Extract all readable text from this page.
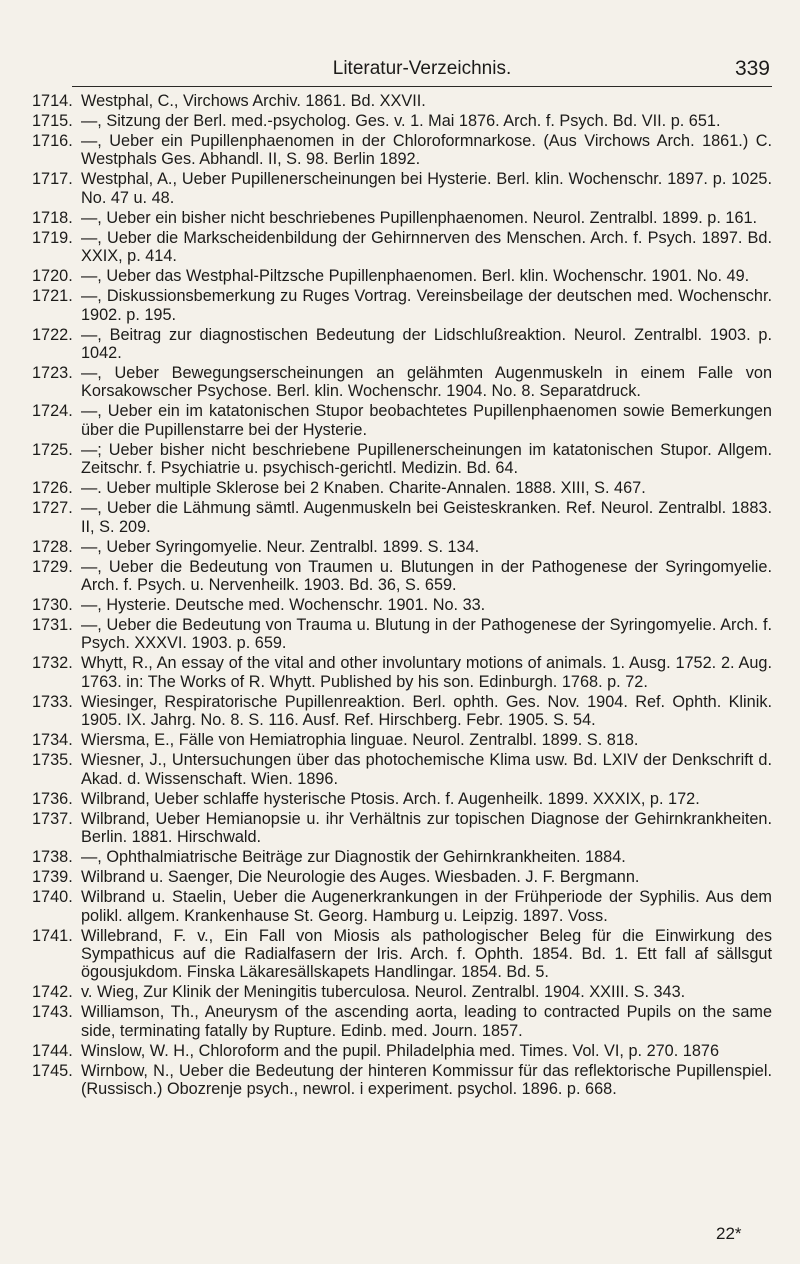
Literatur-Verzeichnis.	339
1714. Westphal, C., Virchows Archiv. 1861. Bd. XXVII.
1715. —, Sitzung der Berl. med.-psycholog. Ges. v. 1. Mai 1876. Arch. f. Psych. Bd. VII. p. 651.
1716. —, Ueber ein Pupillenphaenomen in der Chloroformnarkose. (Aus Virchows Arch. 1861.) C. Westphals Ges. Abhandl. II, S. 98. Berlin 1892.
1717. Westphal, A., Ueber Pupillenerscheinungen bei Hysterie. Berl. klin. Wochenschr. 1897. p. 1025. No. 47 u. 48.
1718. —, Ueber ein bisher nicht beschriebenes Pupillenphaenomen. Neurol. Zentralbl. 1899. p. 161.
1719. —, Ueber die Markscheidenbildung der Gehirnnerven des Menschen. Arch. f. Psych. 1897. Bd. XXIX, p. 414.
1720. —, Ueber das Westphal-Piltzsche Pupillenphaenomen. Berl. klin. Wochenschr. 1901. No. 49.
1721. —, Diskussionsbemerkung zu Ruges Vortrag. Vereinsbeilage der deutschen med. Wochenschr. 1902. p. 195.
1722. —, Beitrag zur diagnostischen Bedeutung der Lidschlußreaktion. Neurol. Zentralbl. 1903. p. 1042.
1723. —, Ueber Bewegungserscheinungen an gelähmten Augenmuskeln in einem Falle von Korsakowscher Psychose. Berl. klin. Wochenschr. 1904. No. 8. Separatdruck.
1724. —, Ueber ein im katatonischen Stupor beobachtetes Pupillenphaenomen sowie Bemerkungen über die Pupillenstarre bei der Hysterie.
1725. —; Ueber bisher nicht beschriebene Pupillenerscheinungen im katatonischen Stupor. Allgem. Zeitschr. f. Psychiatrie u. psychisch-gerichtl. Medizin. Bd. 64.
1726. —. Ueber multiple Sklerose bei 2 Knaben. Charite-Annalen. 1888. XIII, S. 467.
1727. —, Ueber die Lähmung sämtl. Augenmuskeln bei Geisteskranken. Ref. Neurol. Zentralbl. 1883. II, S. 209.
1728. —, Ueber Syringomyelie. Neur. Zentralbl. 1899. S. 134.
1729. —, Ueber die Bedeutung von Traumen u. Blutungen in der Pathogenese der Syringomyelie. Arch. f. Psych. u. Nervenheilk. 1903. Bd. 36, S. 659.
1730. —, Hysterie. Deutsche med. Wochenschr. 1901. No. 33.
1731. —, Ueber die Bedeutung von Trauma u. Blutung in der Pathogenese der Syringomyelie. Arch. f. Psych. XXXVI. 1903. p. 659.
1732. Whytt, R., An essay of the vital and other involuntary motions of animals. 1. Ausg. 1752. 2. Aug. 1763. in: The Works of R. Whytt. Published by his son. Edinburgh. 1768. p. 72.
1733. Wiesinger, Respiratorische Pupillenreaktion. Berl. ophth. Ges. Nov. 1904. Ref. Ophth. Klinik. 1905. IX. Jahrg. No. 8. S. 116. Ausf. Ref. Hirschberg. Febr. 1905. S. 54.
1734. Wiersma, E., Fälle von Hemiatrophia linguae. Neurol. Zentralbl. 1899. S. 818.
1735. Wiesner, J., Untersuchungen über das photochemische Klima usw. Bd. LXIV der Denkschrift d. Akad. d. Wissenschaft. Wien. 1896.
1736. Wilbrand, Ueber schlaffe hysterische Ptosis. Arch. f. Augenheilk. 1899. XXXIX, p. 172.
1737. Wilbrand, Ueber Hemianopsie u. ihr Verhältnis zur topischen Diagnose der Gehirnkrankheiten. Berlin. 1881. Hirschwald.
1738. —, Ophthalmiatrische Beiträge zur Diagnostik der Gehirnkrankheiten. 1884.
1739. Wilbrand u. Saenger, Die Neurologie des Auges. Wiesbaden. J. F. Bergmann.
1740. Wilbrand u. Staelin, Ueber die Augenerkrankungen in der Frühperiode der Syphilis. Aus dem polikl. allgem. Krankenhause St. Georg. Hamburg u. Leipzig. 1897. Voss.
1741. Willebrand, F. v., Ein Fall von Miosis als pathologischer Beleg für die Einwirkung des Sympathicus auf die Radialfasern der Iris. Arch. f. Ophth. 1854. Bd. 1. Ett fall af sällsgut ögousjukdom. Finska Läkaresällskapets Handlingar. 1854. Bd. 5.
1742. v. Wieg, Zur Klinik der Meningitis tuberculosa. Neurol. Zentralbl. 1904. XXIII. S. 343.
1743. Williamson, Th., Aneurysm of the ascending aorta, leading to contracted Pupils on the same side, terminating fatally by Rupture. Edinb. med. Journ. 1857.
1744. Winslow, W. H., Chloroform and the pupil. Philadelphia med. Times. Vol. VI, p. 270. 1876
1745. Wirnbow, N., Ueber die Bedeutung der hinteren Kommissur für das reflektorische Pupillenspiel. (Russisch.) Obozrenje psych., newrol. i experiment. psychol. 1896. p. 668.
22*
